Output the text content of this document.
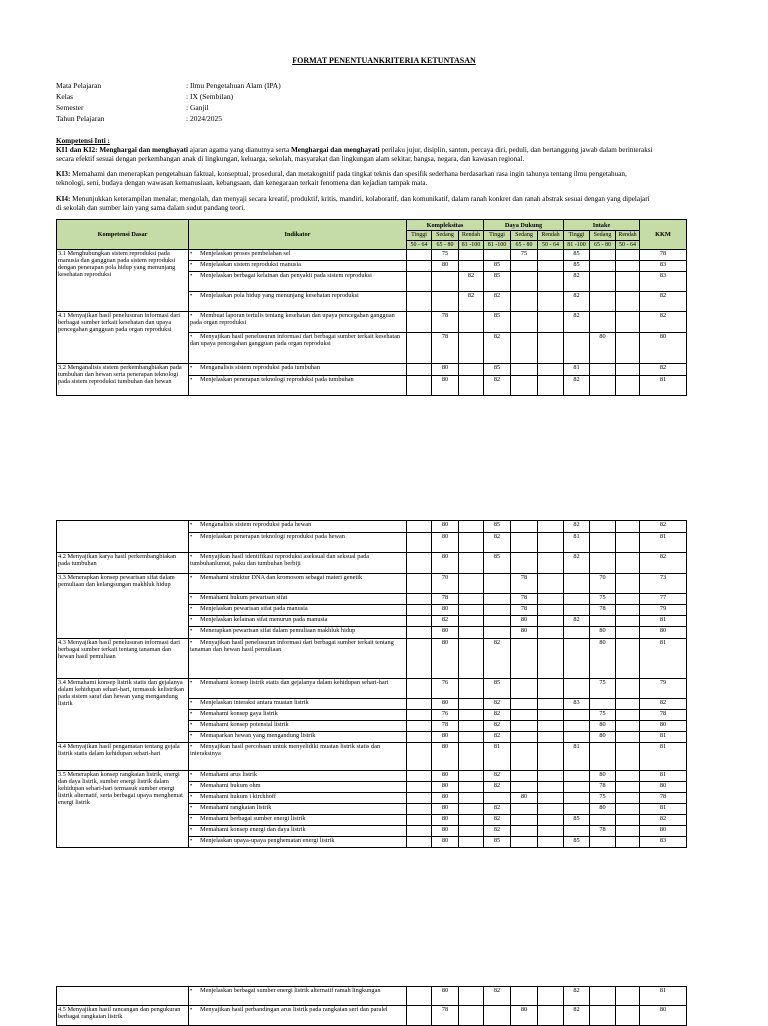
FORMAT PENENTUANKRITERIA KETUNTASAN
Mata Pelajaran	: Ilmu Pengetahuan Alam (IPA)
Kelas	: IX (Sembilan)
Semester	: Ganjil
Tahun Pelajaran	: 2024/2025
Kompetensi Inti :
KI1 dan KI2: Menghargai dan menghayati ajaran agama yang dianutnya serta Menghargai dan menghayati perilaku jujur, disiplin, santun, percaya diri, peduli, dan bertanggung jawab dalam berinteraksi secara efektif sesuai dengan perkembangan anak di lingkungan, keluarga, sekolah, masyarakat dan lingkungan alam sekitar, bangsa, negara, dan kawasan regional.
KI3: Memahami dan menerapkan pengetahuan faktual, konseptual, prosedural, dan metakognitif pada tingkat teknis dan spesifik sederhana berdasarkan rasa ingin tahunya tentang ilmu pengetahuan, teknologi, seni, budaya dengan wawasan kemanusiaan, kebangsaan, dan kenegaraan terkait fenomena dan kejadian tampak mata.
KI4: Menunjukkan keterampilan menalar, mengolah, dan menyaji secara kreatif, produktif, kritis, mandiri, kolaboratif, dan komunikatif, dalam ranah konkret dan ranah abstrak sesuai dengan yang dipelajari di sekolah dan sumber lain yang sama dalam sudut pandang teori.
Kompetensi Dasar	Indikator	Kompleksitas			Daya Dukung			Intake			KKM
		Tinggi	Sedang	Rendah	Tinggi	Sedang	Rendah	Tinggi	Sedang	Rendah	
		50 - 64	65 - 80	81 -100	81 -100	65 - 80	50 - 64	81 -100	65 - 80	50 - 64	
3.1 Menghubungkan sistem reproduksi pada manusia dan gangguan pada sistem reproduksi dengan penerapan pola hidup yang menunjang kesehatan reproduksi	• Menjelaskan proses pembelahan sel		75			75		85			78
	• Menjelaskan sistem reproduksi manusia		80		85			85			83
	• Menjelaskan berbagai kelainan dan penyakit pada sistem reproduksi			82	85			82			83
	• Menjelaskan pola hidup yang menunjang kesehatan reproduksi			82	82			82			82
4.1 Menyajikan hasil penelusuran informasi dari berbagai sumber terkait kesehatan dan upaya pencegahan gangguan pada organ reproduksi	• Membuat laporan tertulis tentang kesehatan dan upaya pencegahan gangguan pada organ reproduksi		78		85			82			82
	• Menyajikan hasil penelusuran informasi dari berbagai sumber terkait kesehatan dan upaya pencegahan gangguan pada organ reproduksi		78		82				80		80
3.2 Menganalisis sistem perkembangbiakan pada tumbuhan dan hewan serta penerapan teknologi pada sistem reproduksi tumbuhan dan hewan	• Menganalisis sistem reproduksi pada tumbuhan		80		85			81			82
	• Menjelaskan penerapan teknologi reproduksi pada tumbuhan		80		82			82			81
	• Menganalisis sistem reproduksi pada hewan		80		85			82			82
	• Menjelaskan penerapan teknologi reproduksi pada hewan		80		82			81			81
4.2 Menyajikan karya hasil perkembangbiakan pada tumbuhan	• Menyajikan hasil identifikasi reproduksi aseksual dan seksual pada tumbuhanlumut, paku dan tumbuhan berbiji		80		85			82			82
3.3 Menerapkan konsep pewarisan sifat dalam pemuliaan dan kelangsungan makhluk hidup	• Memahami struktur DNA dan kromosom sebagai materi genetik		70			78			70		73
	• Memahami hukum pewarisan sifat		78			78			75		77
	• Menjelaskan pewarisan sifat pada manusia		80			78			78		79
	• Menjelaskan kelainan sifat menurun pada manusia		82			80		82			81
	• Menerapkan pewarisan sifat dalam pemuliaan makhluk hidup		80			80			80		80
4.3 Menyajikan hasil penelusuran informasi dari berbagai sumber terkait tentang tanaman dan hewan hasil pemuliaan	• Menyajikan hasil penelusuran informasi dari berbagai sumber terkait tentang tanaman dan hewan hasil pemuliaan		80		82				80		81
3.4 Memahami konsep listrik statis dan gejalanya dalam kehidupan sehari-hari, termasuk kelistrikan pada sistem saraf dan hewan yang mengandung listrik	• Memahami konsep listrik statis dan gejalanya dalam kehidupan sehari-hari		76		85				75		79
	• Menjelaskan interaksi antara muatan listrik		80		82			83			82
	• Memahami konsep gaya listrik		76		82				75		78
	• Memahami konsep potensial listrik		78		82				80		80
	• Memaparkan hewan yang mengandung listrik		80		82				80		81
4.4 Menyajikan hasil pengamatan tentang gejala listrik statis dalam kehidupan sehari-hari	• Menyajikan hasil percobaan untuk menyelidiki muatan listrik statis dan interaksinya		80		81			81			81
3.5 Menerapkan konsep rangkaian listrik, energi dan daya listrik, sumber energi listrik dalam kehidupan sehari-hari termasuk sumber energi listrik alternatif, serta berbagai upaya menghemat energi listrik	• Memahami arus listrik		80		82				80		81
	• Memahami hukum ohm		80		82				78		80
	• Memahami hukum i kirchhoff		80			80			75		78
	• Memahami rangkaian listrik		80		82				80		81
	• Memahami berbagai sumber energi listrik		80		82			85			82
	• Memahami konsep energi dan daya listrik		80		82				78		80
	• Menjelaskan upaya-upaya penghematan energi listrik		80		85			85			83
	• Menjelaskan berbagai sumber energi listrik alternatif ramah lingkungan		80		82			82			81
4.5 Menyajikan hasil rancangan dan pengukuran berbagai rangkaian listrik	• Menyajikan hasil perbandingan arus listrik pada rangkaian seri dan paralel		78			80		82			80
